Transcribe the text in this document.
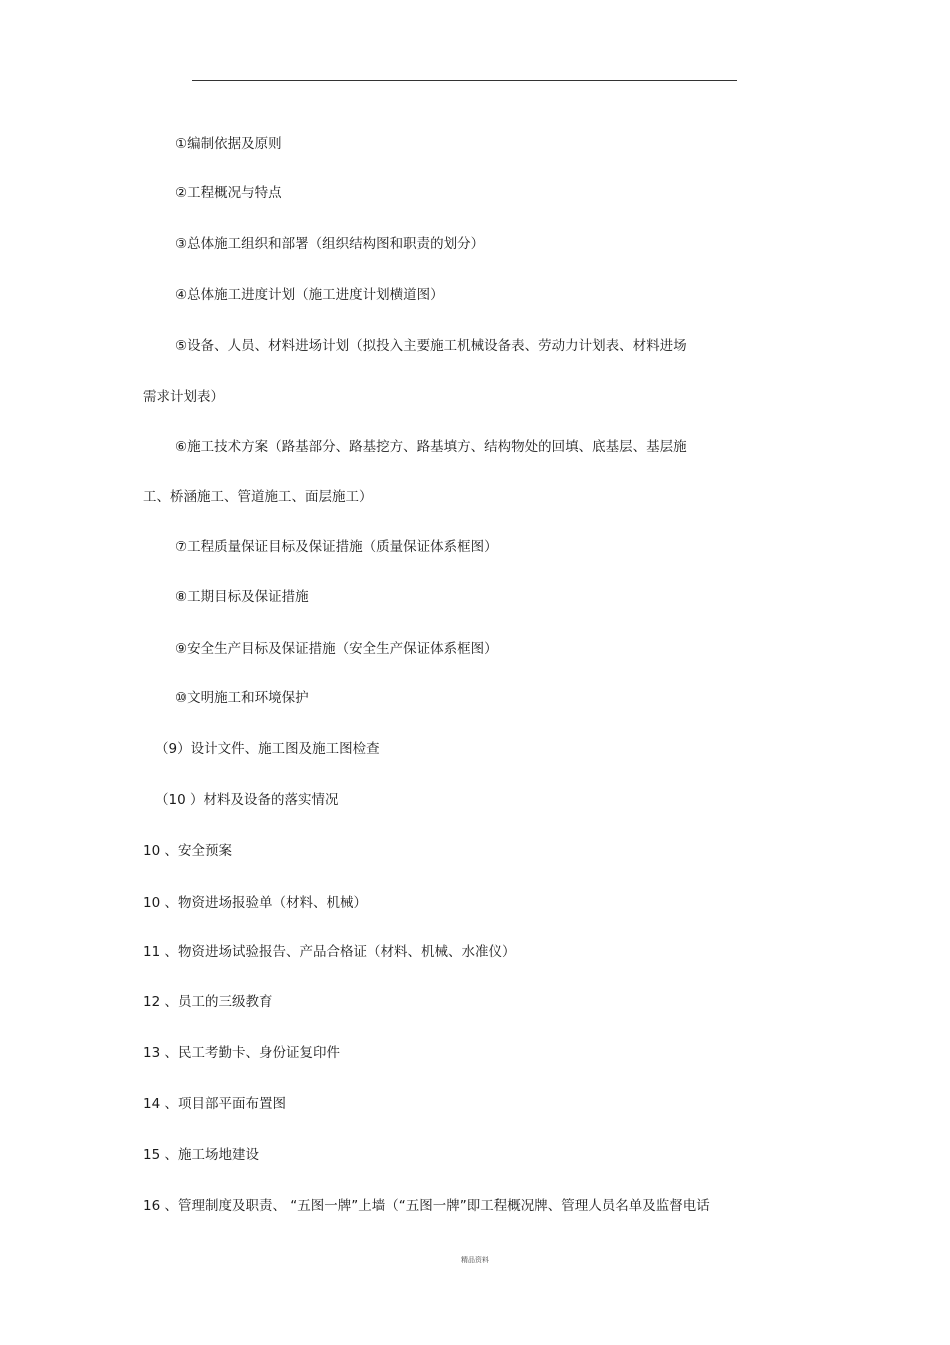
①编制依据及原则
②工程概况与特点
③总体施工组织和部署（组织结构图和职责的划分）
④总体施工进度计划（施工进度计划横道图）
⑤设备、人员、材料进场计划（拟投入主要施工机械设备表、劳动力计划表、材料进场
需求计划表）
⑥施工技术方案（路基部分、路基挖方、路基填方、结构物处的回填、底基层、基层施
工、桥涵施工、管道施工、面层施工）
⑦工程质量保证目标及保证措施（质量保证体系框图）
⑧工期目标及保证措施
⑨安全生产目标及保证措施（安全生产保证体系框图）
⑩文明施工和环境保护
（9）设计文件、施工图及施工图检查
（10 ）材料及设备的落实情况
10 、安全预案
10 、物资进场报验单（材料、机械）
11 、物资进场试验报告、产品合格证（材料、机械、水准仪）
12 、员工的三级教育
13 、民工考勤卡、身份证复印件
14 、项目部平面布置图
15 、施工场地建设
16 、管理制度及职责、 “五图一牌”上墙（“五图一牌”即工程概况牌、管理人员名单及监督电话
精品资料
